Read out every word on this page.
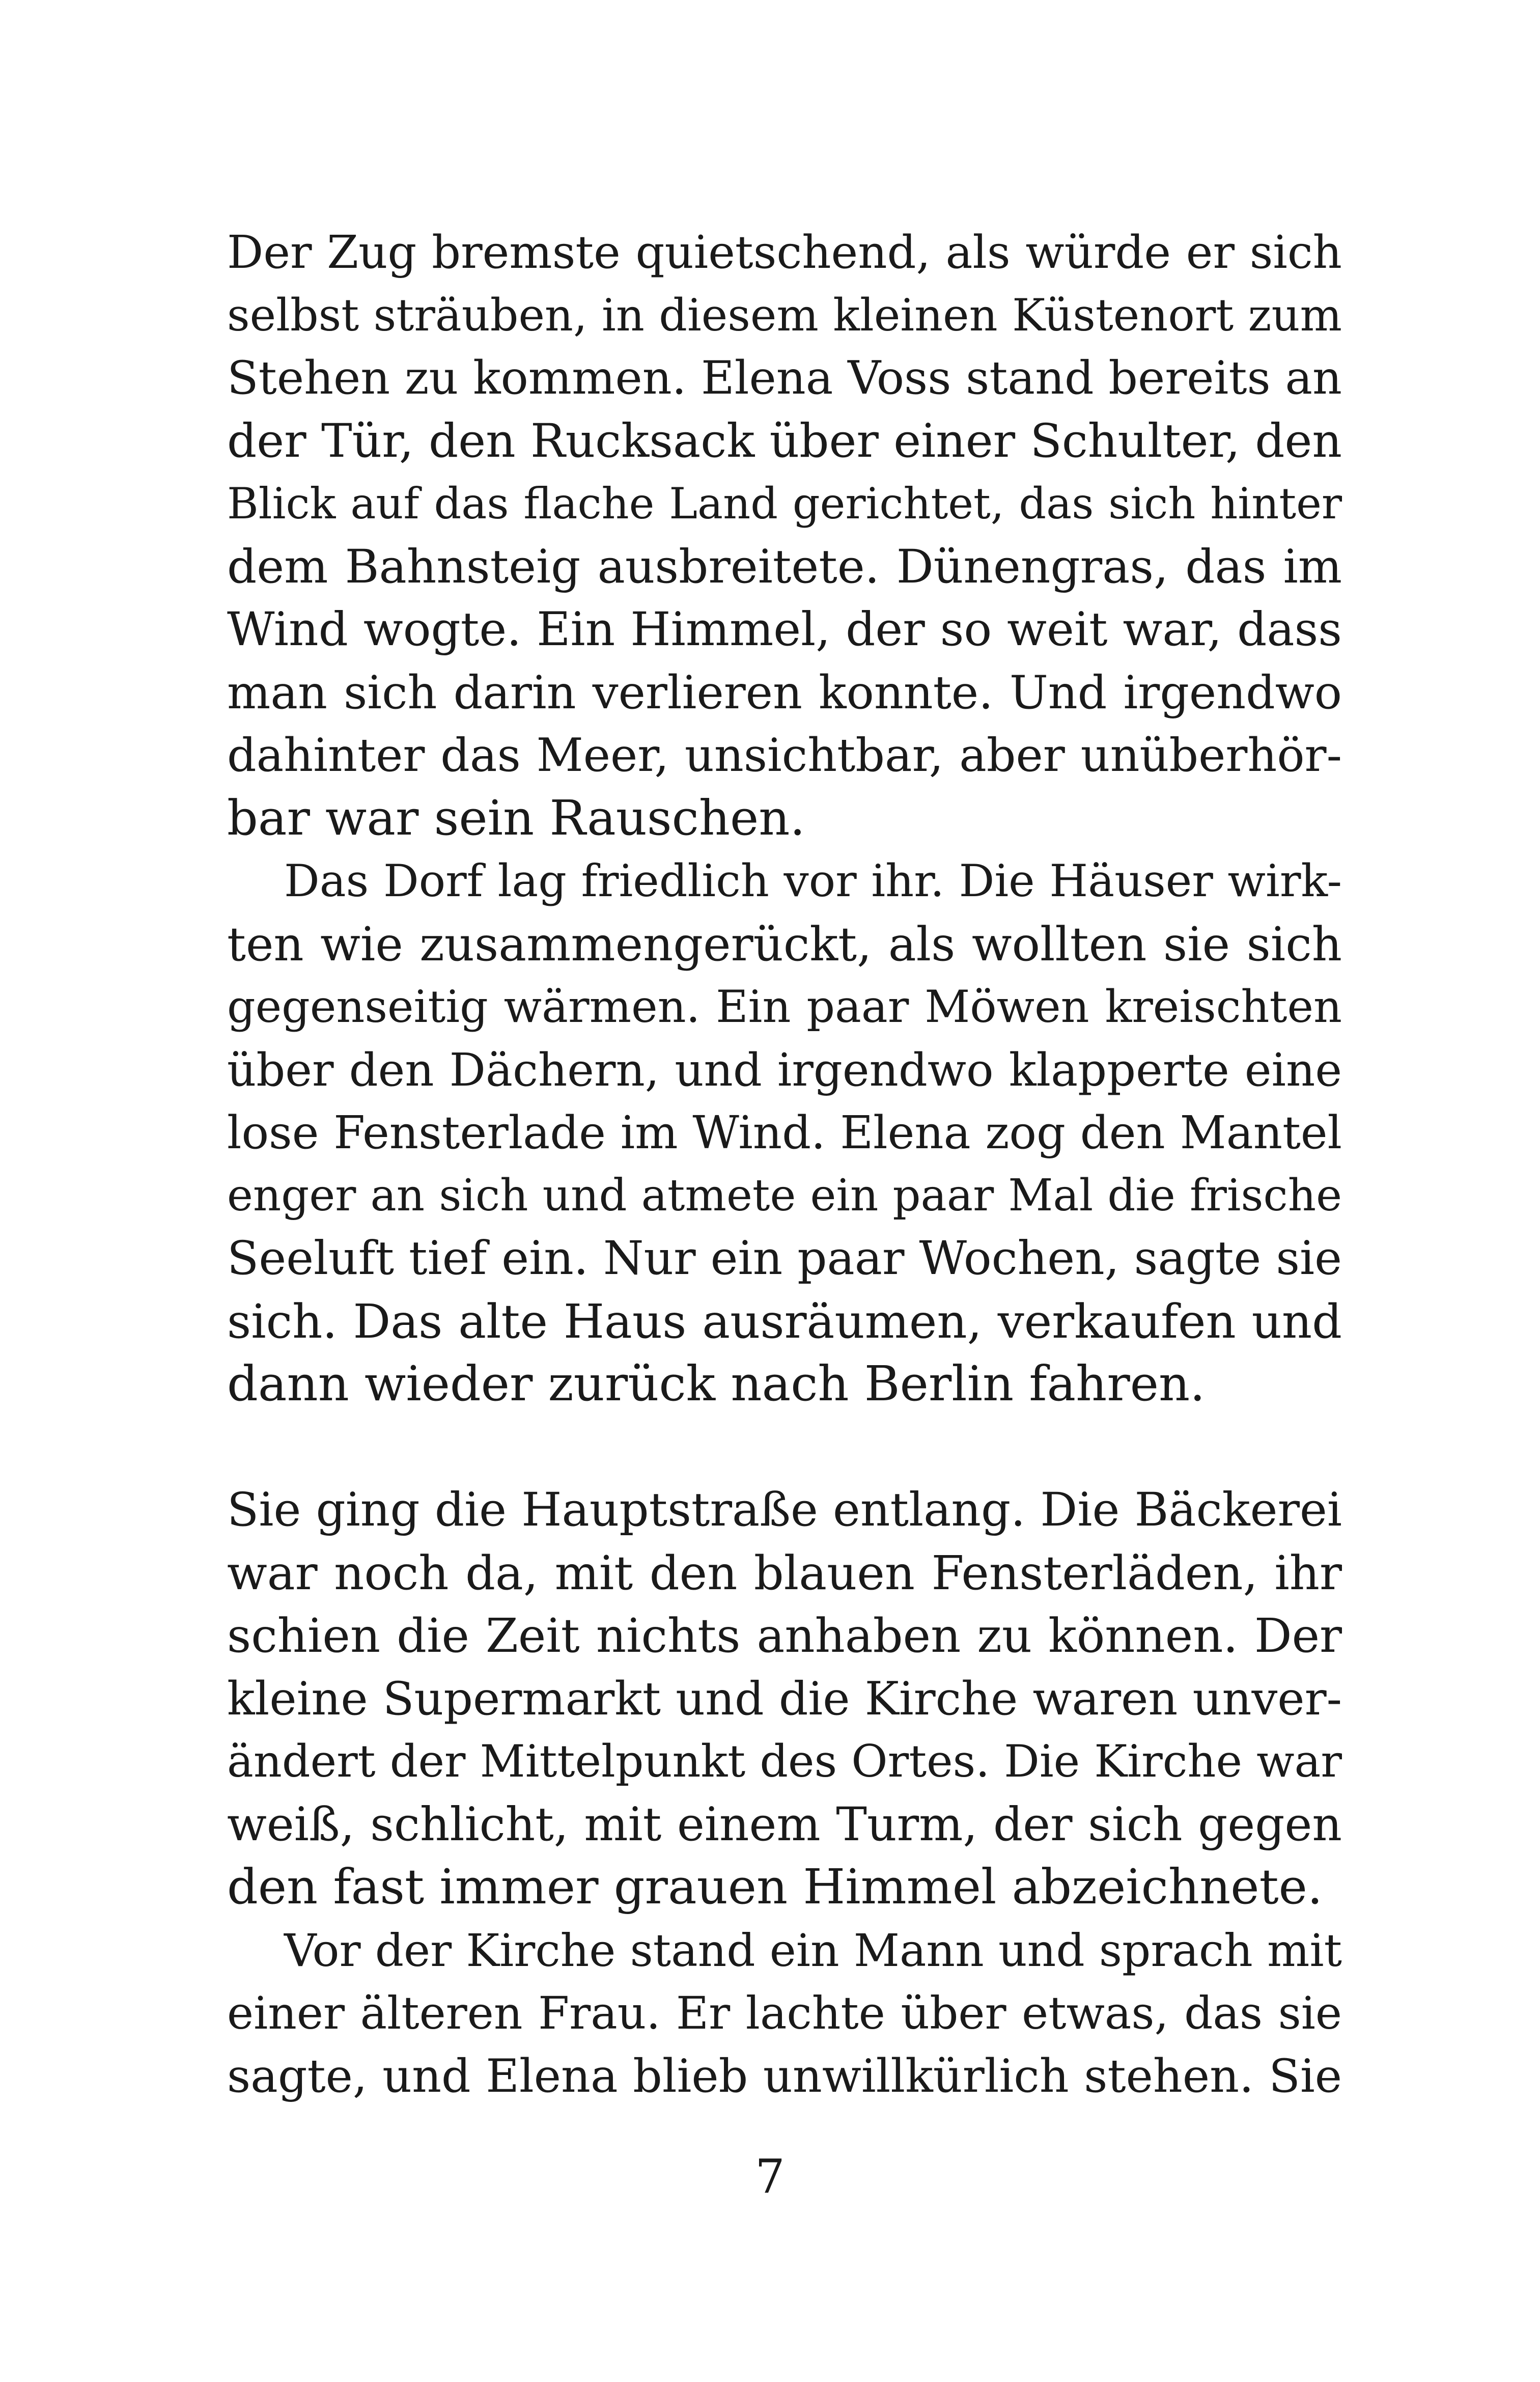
Der Zug bremste quietschend, als würde er sich
selbst sträuben, in diesem kleinen Küstenort zum
Stehen zu kommen. Elena Voss stand bereits an
der Tür, den Rucksack über einer Schulter, den
Blick auf das flache Land gerichtet, das sich hinter
dem Bahnsteig ausbreitete. Dünengras, das im
Wind wogte. Ein Himmel, der so weit war, dass
man sich darin verlieren konnte. Und irgendwo
dahinter das Meer, unsichtbar, aber unüberhör-
bar war sein Rauschen.
Das Dorf lag friedlich vor ihr. Die Häuser wirk-
ten wie zusammengerückt, als wollten sie sich
gegenseitig wärmen. Ein paar Möwen kreischten
über den Dächern, und irgendwo klapperte eine
lose Fensterlade im Wind. Elena zog den Mantel
enger an sich und atmete ein paar Mal die frische
Seeluft tief ein. Nur ein paar Wochen, sagte sie
sich. Das alte Haus ausräumen, verkaufen und
dann wieder zurück nach Berlin fahren.
Sie ging die Hauptstraße entlang. Die Bäckerei
war noch da, mit den blauen Fensterläden, ihr
schien die Zeit nichts anhaben zu können. Der
kleine Supermarkt und die Kirche waren unver-
ändert der Mittelpunkt des Ortes. Die Kirche war
weiß, schlicht, mit einem Turm, der sich gegen
den fast immer grauen Himmel abzeichnete.
Vor der Kirche stand ein Mann und sprach mit
einer älteren Frau. Er lachte über etwas, das sie
sagte, und Elena blieb unwillkürlich stehen. Sie
7
